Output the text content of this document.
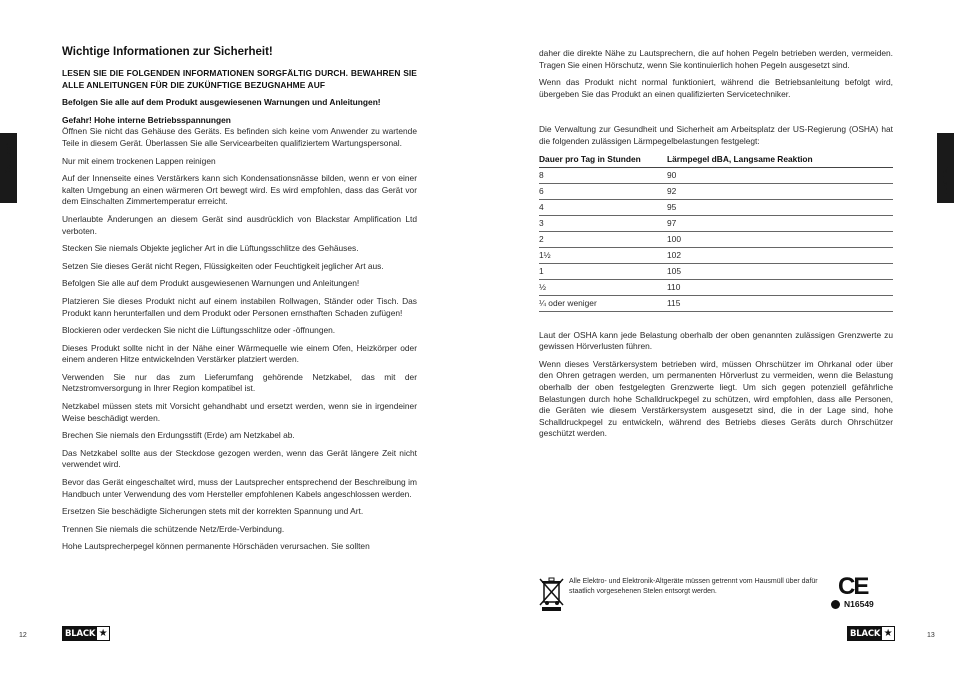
Deutsch
Deutsch
Wichtige Informationen zur Sicherheit!

LESEN SIE DIE FOLGENDEN INFORMATIONEN SORGFÄLTIG DURCH. BEWAHREN SIE ALLE ANLEITUNGEN FÜR DIE ZUKÜNFTIGE BEZUGNAHME AUF

Befolgen Sie alle auf dem Produkt ausgewiesenen Warnungen und Anleitungen!

Gefahr! Hohe interne Betriebsspannungen

Öffnen Sie nicht das Gehäuse des Geräts. Es befinden sich keine vom Anwender zu wartende Teile in diesem Gerät. Überlassen Sie alle Servicearbeiten qualifiziertem Wartungspersonal.

Nur mit einem trockenen Lappen reinigen

Auf der Innenseite eines Verstärkers kann sich Kondensationsnässe bilden, wenn er von einer kalten Umgebung an einen wärmeren Ort bewegt wird. Es wird empfohlen, dass das Gerät vor dem Einschalten Zimmertemperatur erreicht.

Unerlaubte Änderungen an diesem Gerät sind ausdrücklich von Blackstar Amplification Ltd verboten.

Stecken Sie niemals Objekte jeglicher Art in die Lüftungsschlitze des Gehäuses.

Setzen Sie dieses Gerät nicht Regen, Flüssigkeiten oder Feuchtigkeit jeglicher Art aus.

Befolgen Sie alle auf dem Produkt ausgewiesenen Warnungen und Anleitungen!

Platzieren Sie dieses Produkt nicht auf einem instabilen Rollwagen, Ständer oder Tisch. Das Produkt kann herunterfallen und dem Produkt oder Personen ernsthaften Schaden zufügen!

Blockieren oder verdecken Sie nicht die Lüftungsschlitze oder -öffnungen.

Dieses Produkt sollte nicht in der Nähe einer Wärmequelle wie einem Ofen, Heizkörper oder einem anderen Hitze entwickelnden Verstärker platziert werden.

Verwenden Sie nur das zum Lieferumfang gehörende Netzkabel, das mit der Netzstromversorgung in Ihrer Region kompatibel ist.

Netzkabel müssen stets mit Vorsicht gehandhabt und ersetzt werden, wenn sie in irgendeiner Weise beschädigt werden.

Brechen Sie niemals den Erdungsstift (Erde) am Netzkabel ab.

Das Netzkabel sollte aus der Steckdose gezogen werden, wenn das Gerät längere Zeit nicht verwendet wird.

Bevor das Gerät eingeschaltet wird, muss der Lautsprecher entsprechend der Beschreibung im Handbuch unter Verwendung des vom Hersteller empfohlenen Kabels angeschlossen werden.

Ersetzen Sie beschädigte Sicherungen stets mit der korrekten Spannung und Art.

Trennen Sie niemals die schützende Netz/Erde-Verbindung.

Hohe Lautsprecherpegel können permanente Hörschäden verursachen. Sie sollten

daher die direkte Nähe zu Lautsprechern, die auf hohen Pegeln betrieben werden, vermeiden. Tragen Sie einen Hörschutz, wenn Sie kontinuierlich hohen Pegeln ausgesetzt sind.

Wenn das Produkt nicht normal funktioniert, während die Betriebsanleitung befolgt wird, übergeben Sie das Produkt an einen qualifizierten Servicetechniker.

Die Verwaltung zur Gesundheit und Sicherheit am Arbeitsplatz der US-Regierung (OSHA) hat die folgenden zulässigen Lärmpegelbelastungen festgelegt:

Dauer pro Tag in Stunden	Lärmpegel dBA, Langsame Reaktion
8	90
6	92
4	95
3	97
2	100
1½	102
1	105
½	110
¼ oder weniger	115

Laut der OSHA kann jede Belastung oberhalb der oben genannten zulässigen Grenzwerte zu gewissen Hörverlusten führen.

Wenn dieses Verstärkersystem betrieben wird, müssen Ohrschützer im Ohrkanal oder über den Ohren getragen werden, um permanenten Hörverlust zu vermeiden, wenn die Belastung oberhalb der oben festgelegten Grenzwerte liegt. Um sich gegen potenziell gefährliche Belastungen durch hohe Schalldruckpegel zu schützen, wird empfohlen, dass alle Personen, die Geräten wie diesem Verstärkersystem ausgesetzt sind, die in der Lage sind, hohe Schalldruckpegel zu entwickeln, während des Betriebs dieses Geräts durch Ohrschützer geschützt werden.

Alle Elektro- und Elektronik-Altgeräte müssen getrennt vom Hausmüll über dafür staatlich vorgesehenen Stelen entsorgt werden.	CE
N16549
12	13
BLACK ★	BLACK ★
